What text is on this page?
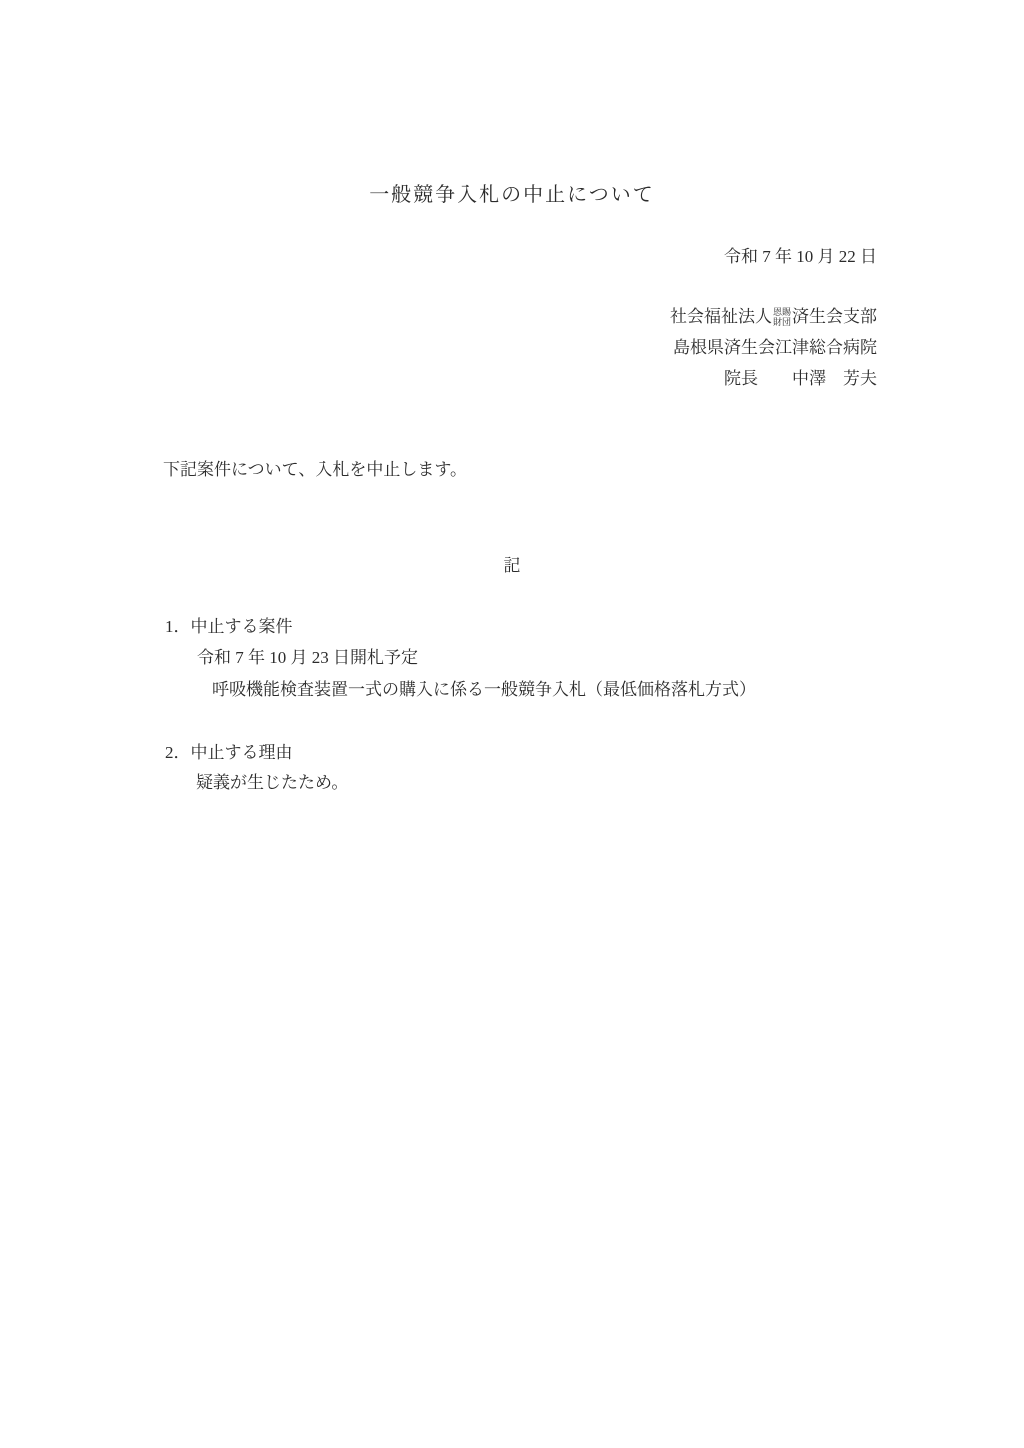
一般競争入札の中止について
令和 7 年 10 月 22 日
社会福祉法人 恩賜
財団 済生会支部
島根県済生会江津総合病院
院長　　中澤　芳夫
下記案件について、入札を中止します。
記
1．中止する案件
令和 7 年 10 月 23 日開札予定
呼吸機能検査装置一式の購入に係る一般競争入札（最低価格落札方式）
2．中止する理由
疑義が生じたため。
